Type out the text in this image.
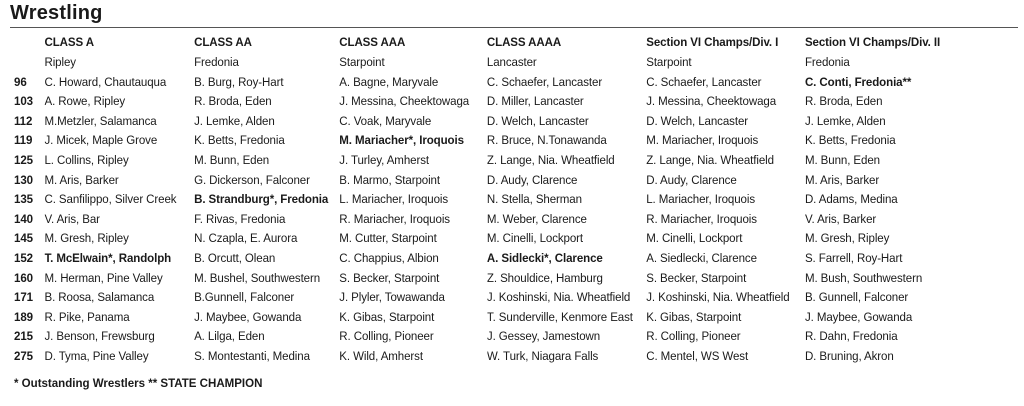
Wrestling
	CLASS A	CLASS AA	CLASS AAA	CLASS AAAA	Section VI Champs/Div. I	Section VI Champs/Div. II
	Ripley	Fredonia	Starpoint	Lancaster	Starpoint	Fredonia
96	C. Howard, Chautauqua	B. Burg, Roy-Hart	A. Bagne, Maryvale	C. Schaefer, Lancaster	C. Schaefer, Lancaster	C. Conti, Fredonia**
103	A. Rowe, Ripley	R. Broda, Eden	J. Messina, Cheektowaga	D. Miller, Lancaster	J. Messina, Cheektowaga	R. Broda, Eden
112	M.Metzler, Salamanca	J. Lemke, Alden	C. Voak, Maryvale	D. Welch, Lancaster	D. Welch, Lancaster	J. Lemke, Alden
119	J. Micek, Maple Grove	K. Betts, Fredonia	M. Mariacher*, Iroquois	R. Bruce, N.Tonawanda	M. Mariacher, Iroquois	K. Betts, Fredonia
125	L. Collins, Ripley	M. Bunn, Eden	J. Turley, Amherst	Z. Lange, Nia. Wheatfield	Z. Lange, Nia. Wheatfield	M. Bunn, Eden
130	M. Aris, Barker	G. Dickerson, Falconer	B. Marmo, Starpoint	D. Audy, Clarence	D. Audy, Clarence	M. Aris, Barker
135	C. Sanfilippo, Silver Creek	B. Strandburg*, Fredonia	L. Mariacher, Iroquois	N. Stella, Sherman	L. Mariacher, Iroquois	D. Adams, Medina
140	V. Aris, Bar	F. Rivas, Fredonia	R. Mariacher, Iroquois	M. Weber, Clarence	R. Mariacher, Iroquois	V. Aris, Barker
145	M. Gresh, Ripley	N. Czapla, E. Aurora	M. Cutter, Starpoint	M. Cinelli, Lockport	M. Cinelli, Lockport	M. Gresh, Ripley
152	T. McElwain*, Randolph	B. Orcutt, Olean	C. Chappius, Albion	A. Sidlecki*, Clarence	A. Siedlecki, Clarence	S. Farrell, Roy-Hart
160	M. Herman, Pine Valley	M. Bushel, Southwestern	S. Becker, Starpoint	Z. Shouldice, Hamburg	S. Becker, Starpoint	M. Bush, Southwestern
171	B. Roosa, Salamanca	B.Gunnell, Falconer	J. Plyler, Towawanda	J. Koshinski, Nia. Wheatfield	J. Koshinski, Nia. Wheatfield	B. Gunnell, Falconer
189	R. Pike, Panama	J. Maybee, Gowanda	K. Gibas, Starpoint	T. Sunderville, Kenmore East	K. Gibas, Starpoint	J. Maybee, Gowanda
215	J. Benson, Frewsburg	A. Lilga, Eden	R. Colling, Pioneer	J. Gessey, Jamestown	R. Colling, Pioneer	R. Dahn, Fredonia
275	D. Tyma, Pine Valley	S. Montestanti, Medina	K. Wild, Amherst	W. Turk, Niagara Falls	C. Mentel, WS West	D. Bruning, Akron
* Outstanding Wrestlers ** STATE CHAMPION
